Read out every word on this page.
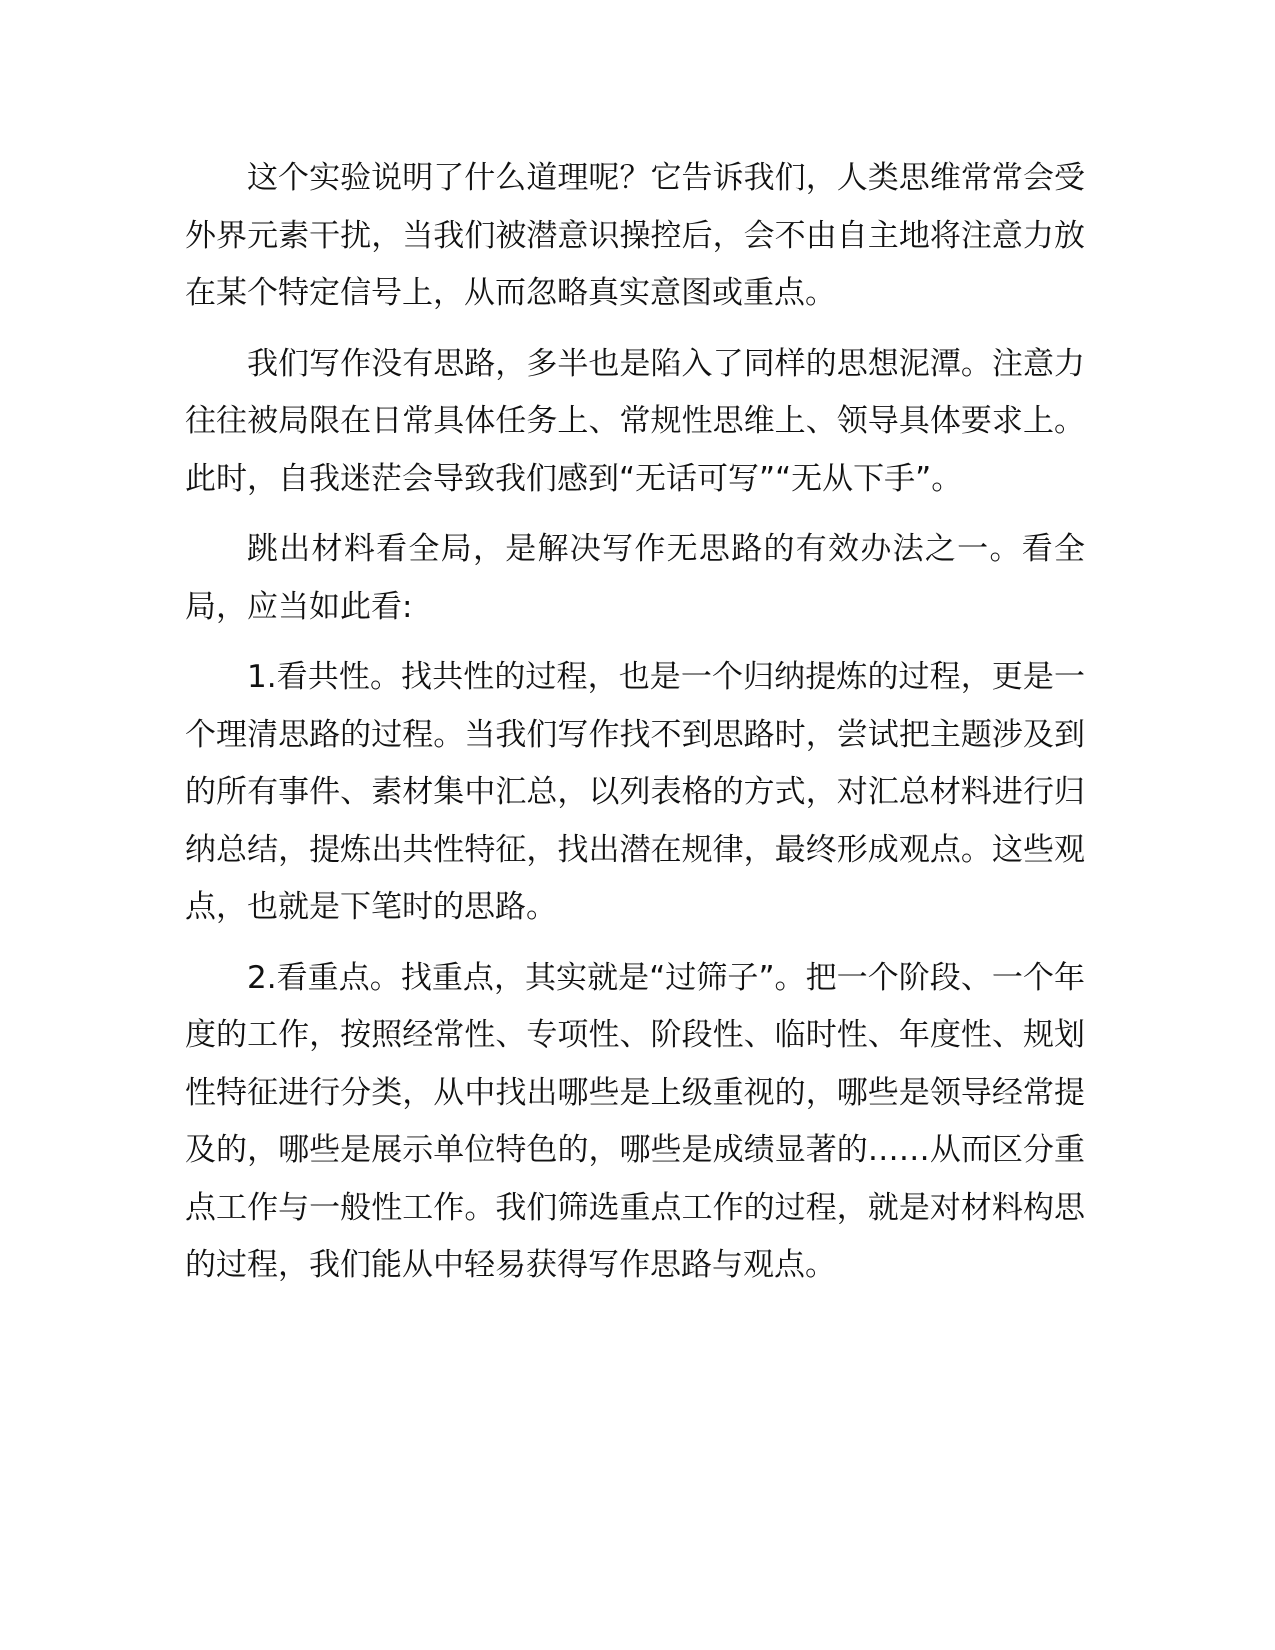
这个实验说明了什么道理呢？它告诉我们，人类思维常常会受外界元素干扰，当我们被潜意识操控后，会不由自主地将注意力放在某个特定信号上，从而忽略真实意图或重点。

我们写作没有思路，多半也是陷入了同样的思想泥潭。注意力往往被局限在日常具体任务上、常规性思维上、领导具体要求上。此时，自我迷茫会导致我们感到“无话可写”“无从下手”。

跳出材料看全局，是解决写作无思路的有效办法之一。看全局，应当如此看:

1.看共性。找共性的过程，也是一个归纳提炼的过程，更是一个理清思路的过程。当我们写作找不到思路时，尝试把主题涉及到的所有事件、素材集中汇总，以列表格的方式，对汇总材料进行归纳总结，提炼出共性特征，找出潜在规律，最终形成观点。这些观点，也就是下笔时的思路。

2.看重点。找重点，其实就是“过筛子”。把一个阶段、一个年度的工作，按照经常性、专项性、阶段性、临时性、年度性、规划性特征进行分类，从中找出哪些是上级重视的，哪些是领导经常提及的，哪些是展示单位特色的，哪些是成绩显著的……从而区分重点工作与一般性工作。我们筛选重点工作的过程，就是对材料构思的过程，我们能从中轻易获得写作思路与观点。
